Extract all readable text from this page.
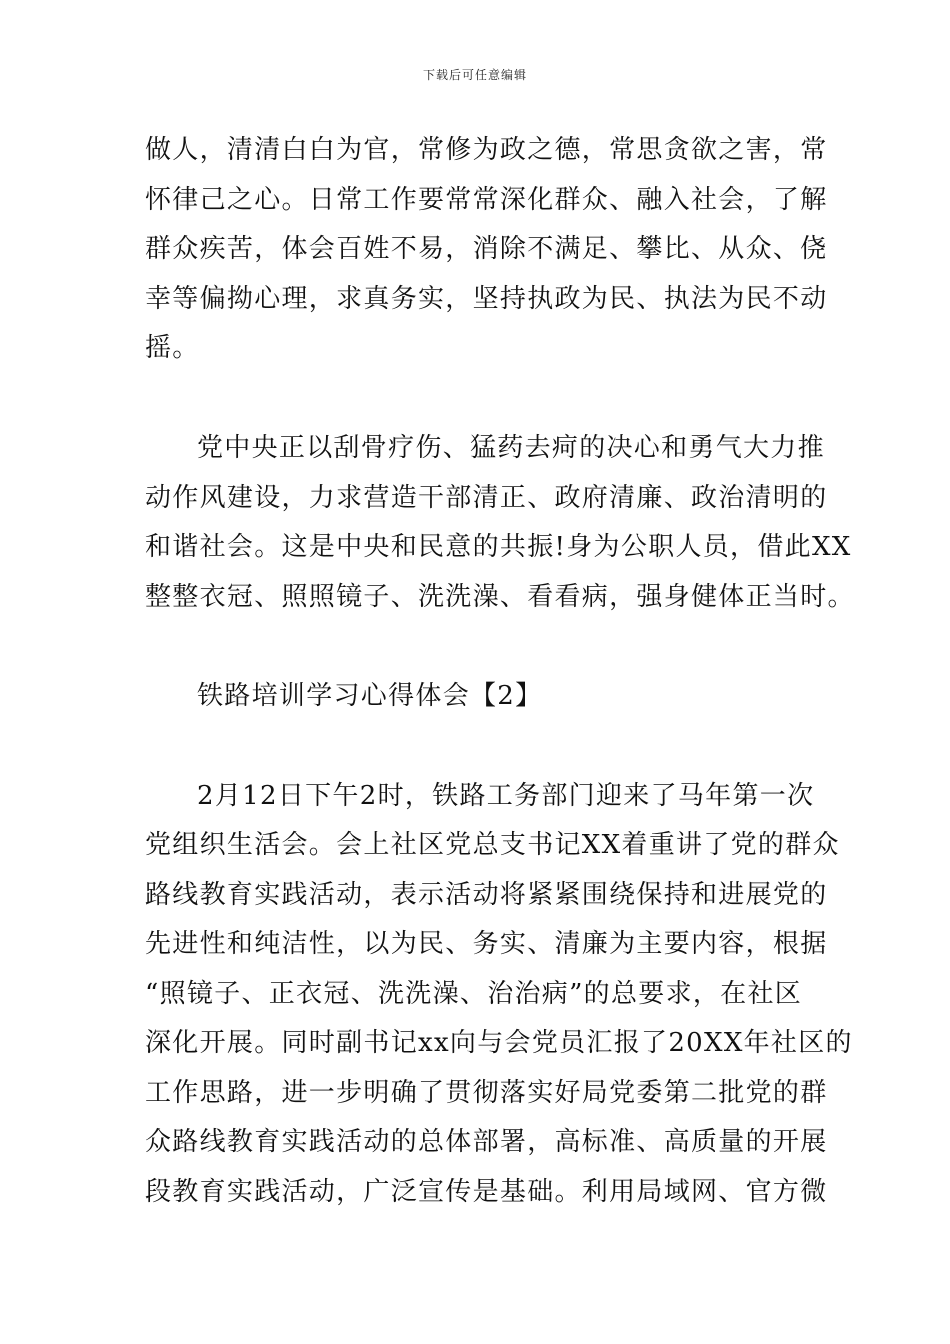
下载后可任意编辑
做人，清清白白为官，常修为政之德，常思贪欲之害，常
怀律己之心。日常工作要常常深化群众、融入社会，了解
群众疾苦，体会百姓不易，消除不满足、攀比、从众、侥
幸等偏拗心理，求真务实，坚持执政为民、执法为民不动
摇。
党中央正以刮骨疗伤、猛药去疴的决心和勇气大力推
动作风建设，力求营造干部清正、政府清廉、政治清明的
和谐社会。这是中央和民意的共振!身为公职人员，借此XX
整整衣冠、照照镜子、洗洗澡、看看病，强身健体正当时。
铁路培训学习心得体会【2】
2月12日下午2时，铁路工务部门迎来了马年第一次
党组织生活会。会上社区党总支书记XX着重讲了党的群众
路线教育实践活动，表示活动将紧紧围绕保持和进展党的
先进性和纯洁性，以为民、务实、清廉为主要内容，根据
“照镜子、正衣冠、洗洗澡、治治病”的总要求，在社区
深化开展。同时副书记xx向与会党员汇报了20XX年社区的
工作思路，进一步明确了贯彻落实好局党委第二批党的群
众路线教育实践活动的总体部署，高标准、高质量的开展
段教育实践活动，广泛宣传是基础。利用局域网、官方微
